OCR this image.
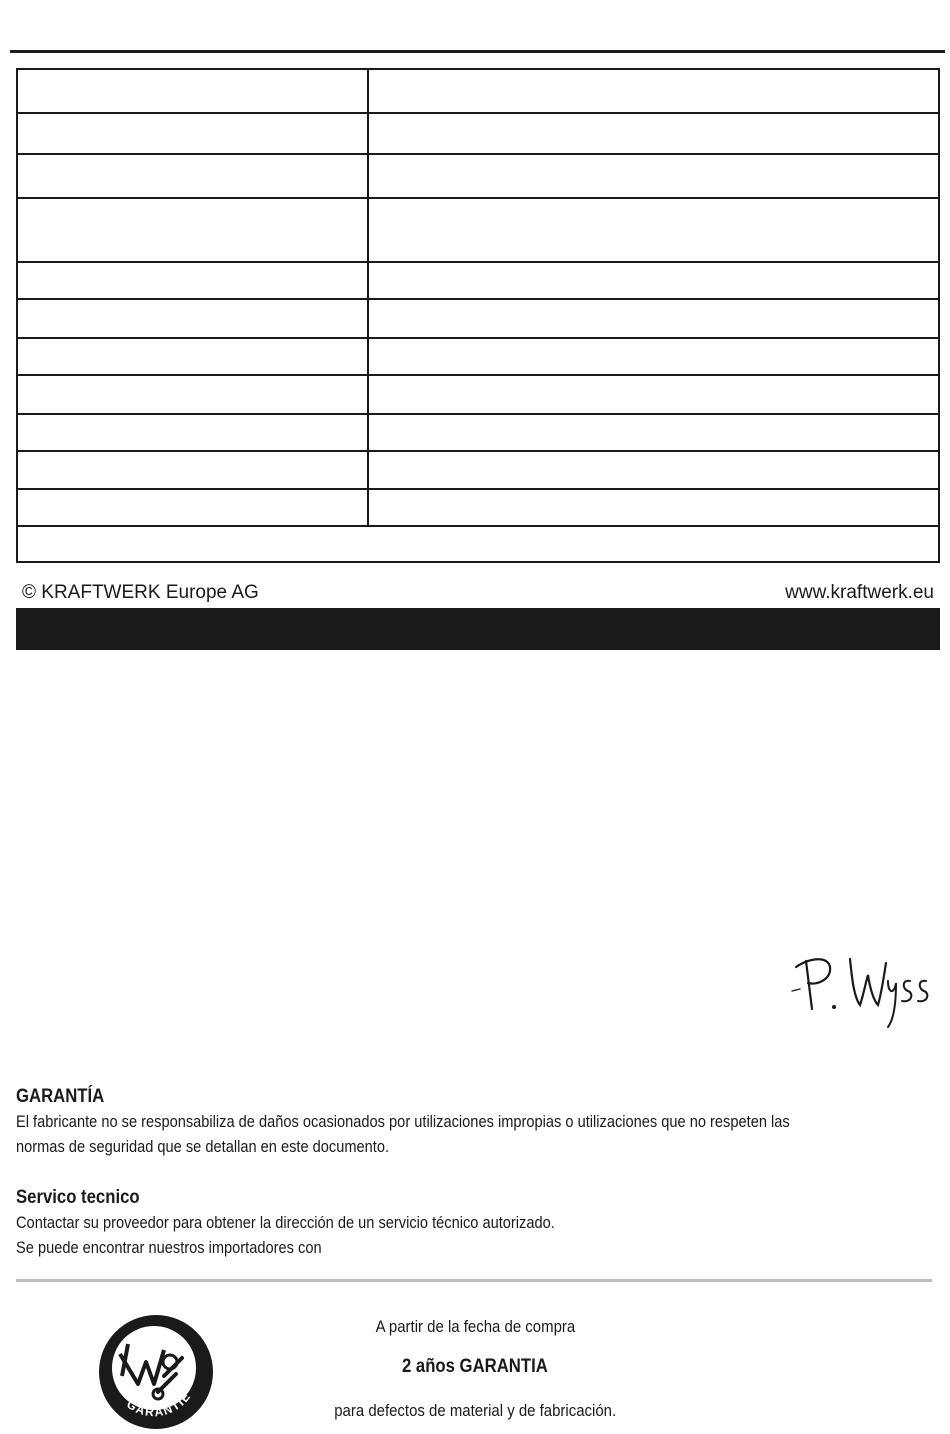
© KRAFTWERK Europe AG	www.kraftwerk.eu

GARANTÍA

El fabricante no se responsabiliza de daños ocasionados por utilizaciones impropias o utilizaciones que no respeten las

normas de seguridad que se detallan en este documento.

Servico tecnico

Contactar su proveedor para obtener la dirección de un servicio técnico autorizado.

Se puede encontrar nuestros importadores con

GARANTIE
A partir de la fecha de compra
2 años GARANTIA
para defectos de material y de fabricación.
